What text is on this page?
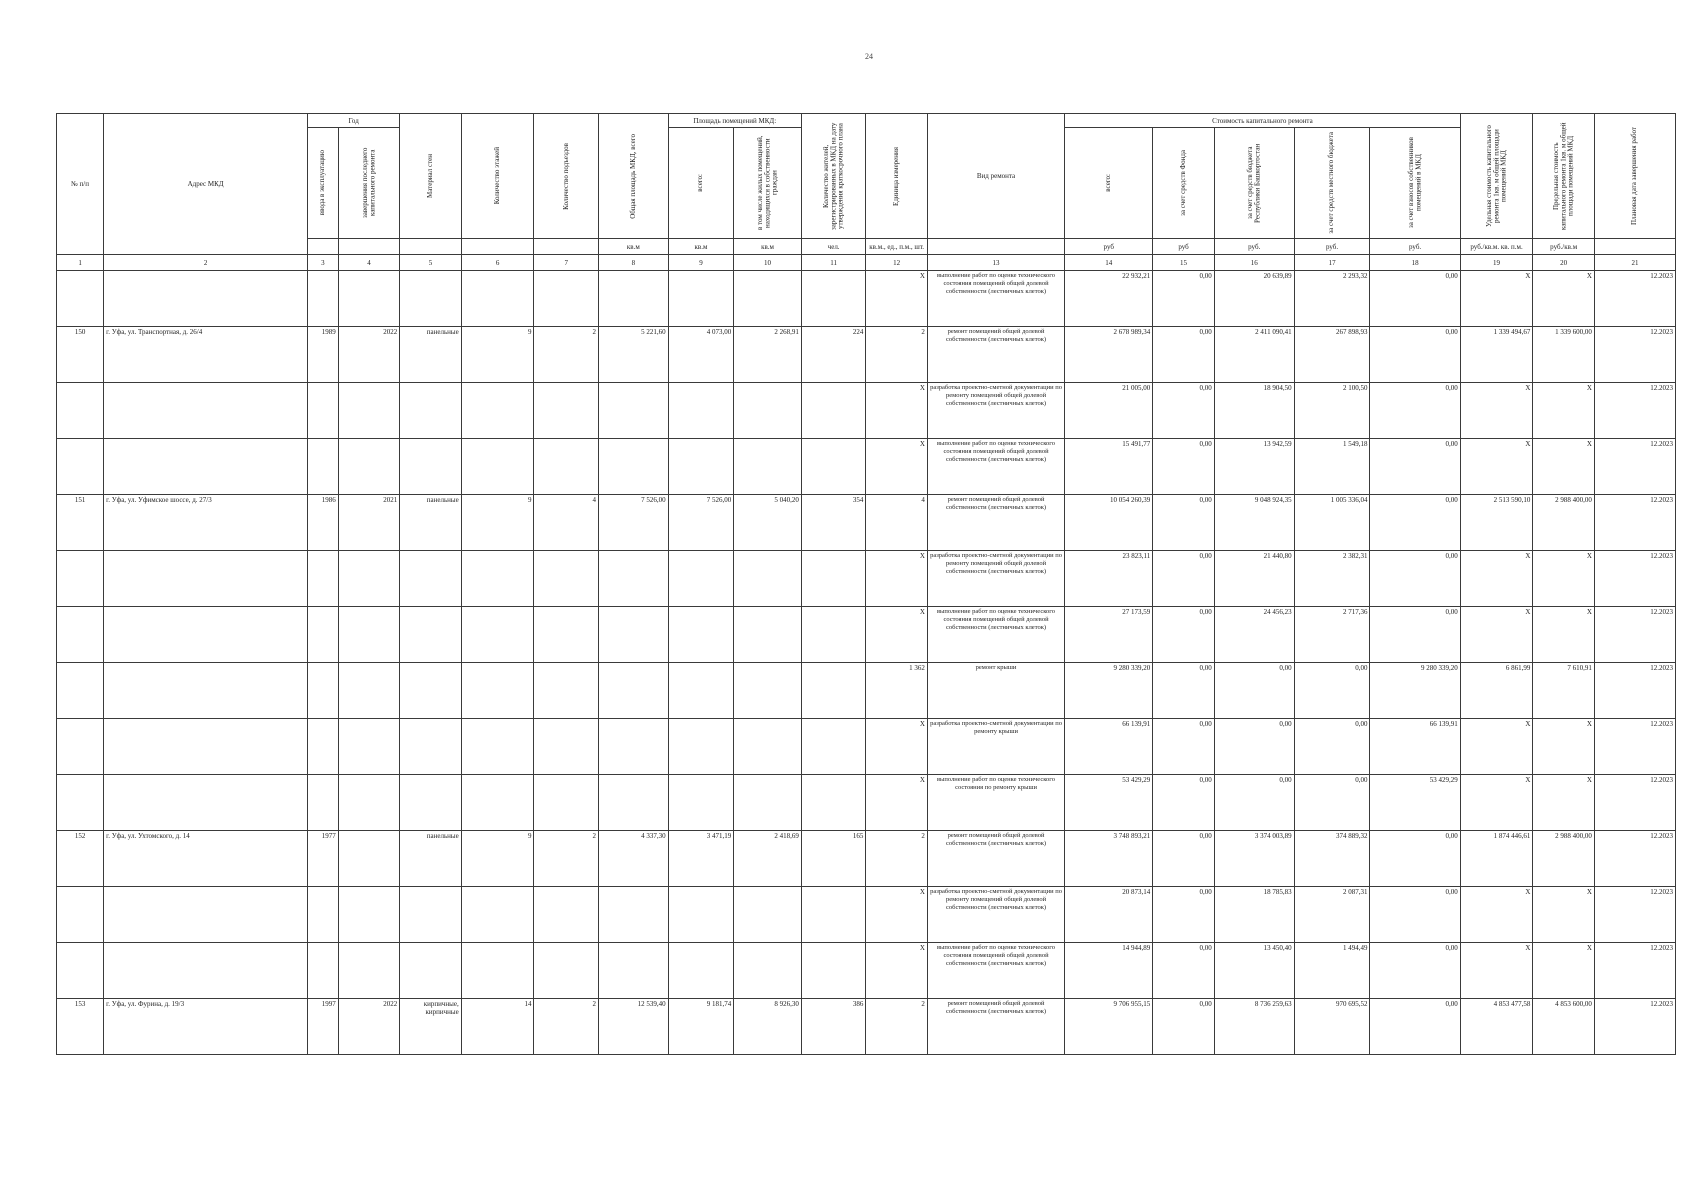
24
№ п/п	Адрес МКД	Год		Материал стен	Количество этажей	Количество подъездов	Общая площадь МКД, всего	Площадь помещений МКД:		Количество жителей, зарегистрированных в МКД на дату утверждения краткосрочного плана	Единица измерения	Вид ремонта	Стоимость капитального ремонта					Удельная стоимость капитального ремонта 1кв. м общей площади помещений МКД	Предельная стоимость капитального ремонта 1кв. м общей площади помещений МКД	Плановая дата завершения работ

		ввода в эксплуатацию	завершения последнего капитального ремонта					всего:	в том числе жилых помещений, находящихся в собственности граждан				всего:	за счет средств Фонда	за счет средств бюджета Республики Башкортостан	за счет средств местного бюджета	за счет взносов собственников помещений в МКД			

							кв.м	кв.м	кв.м	чел.	кв.м., ед., п.м., шт.		руб	руб	руб.	руб.	руб.	руб./кв.м. кв. п.м.	руб./кв.м	
1	2	3	4	5	6	7	8	9	10	11	12	13	14	15	16	17	18	19	20	21
											X	выполнение работ по оценке технического состояния помещений общей долевой собственности (лестничных клеток)	22 932,21	0,00	20 639,89	2 293,32	0,00	X	X	12.2023
150	г. Уфа, ул. Транспортная, д. 26/4	1989	2022	панельные	9	2	5 221,60	4 073,00	2 268,91	224	2	ремонт помещений общей долевой собственности (лестничных клеток)	2 678 989,34	0,00	2 411 090,41	267 898,93	0,00	1 339 494,67	1 339 600,00	12.2023
											X	разработка проектно-сметной документации по ремонту помещений общей долевой собственности (лестничных клеток)	21 005,00	0,00	18 904,50	2 100,50	0,00	X	X	12.2023
											X	выполнение работ по оценке технического состояния помещений общей долевой собственности (лестничных клеток)	15 491,77	0,00	13 942,59	1 549,18	0,00	X	X	12.2023
151	г. Уфа, ул. Уфимское шоссе, д. 27/3	1986	2021	панельные	9	4	7 526,00	7 526,00	5 040,20	354	4	ремонт помещений общей долевой собственности (лестничных клеток)	10 054 260,39	0,00	9 048 924,35	1 005 336,04	0,00	2 513 590,10	2 988 400,00	12.2023
											X	разработка проектно-сметной документации по ремонту помещений общей долевой собственности (лестничных клеток)	23 823,11	0,00	21 440,80	2 382,31	0,00	X	X	12.2023
											X	выполнение работ по оценке технического состояния помещений общей долевой собственности (лестничных клеток)	27 173,59	0,00	24 456,23	2 717,36	0,00	X	X	12.2023
											1 362	ремонт крыши	9 280 339,20	0,00	0,00	0,00	9 280 339,20	6 861,99	7 610,91	12.2023
											X	разработка проектно-сметной документации по ремонту крыши	66 139,91	0,00	0,00	0,00	66 139,91	X	X	12.2023
											X	выполнение работ по оценке технического состояния по ремонту крыши	53 429,29	0,00	0,00	0,00	53 429,29	X	X	12.2023
152	г. Уфа, ул. Ухтомского, д. 14	1977		панельные	9	2	4 337,30	3 471,19	2 418,69	165	2	ремонт помещений общей долевой собственности (лестничных клеток)	3 748 893,21	0,00	3 374 003,89	374 889,32	0,00	1 874 446,61	2 988 400,00	12.2023
											X	разработка проектно-сметной документации по ремонту помещений общей долевой собственности (лестничных клеток)	20 873,14	0,00	18 785,83	2 087,31	0,00	X	X	12.2023
											X	выполнение работ по оценке технического состояния помещений общей долевой собственности (лестничных клеток)	14 944,89	0,00	13 450,40	1 494,49	0,00	X	X	12.2023
153	г. Уфа, ул. Фурина, д. 19/3	1997	2022	кирпичные, кирпичные	14	2	12 539,40	9 181,74	8 926,30	386	2	ремонт помещений общей долевой собственности (лестничных клеток)	9 706 955,15	0,00	8 736 259,63	970 695,52	0,00	4 853 477,58	4 853 600,00	12.2023
